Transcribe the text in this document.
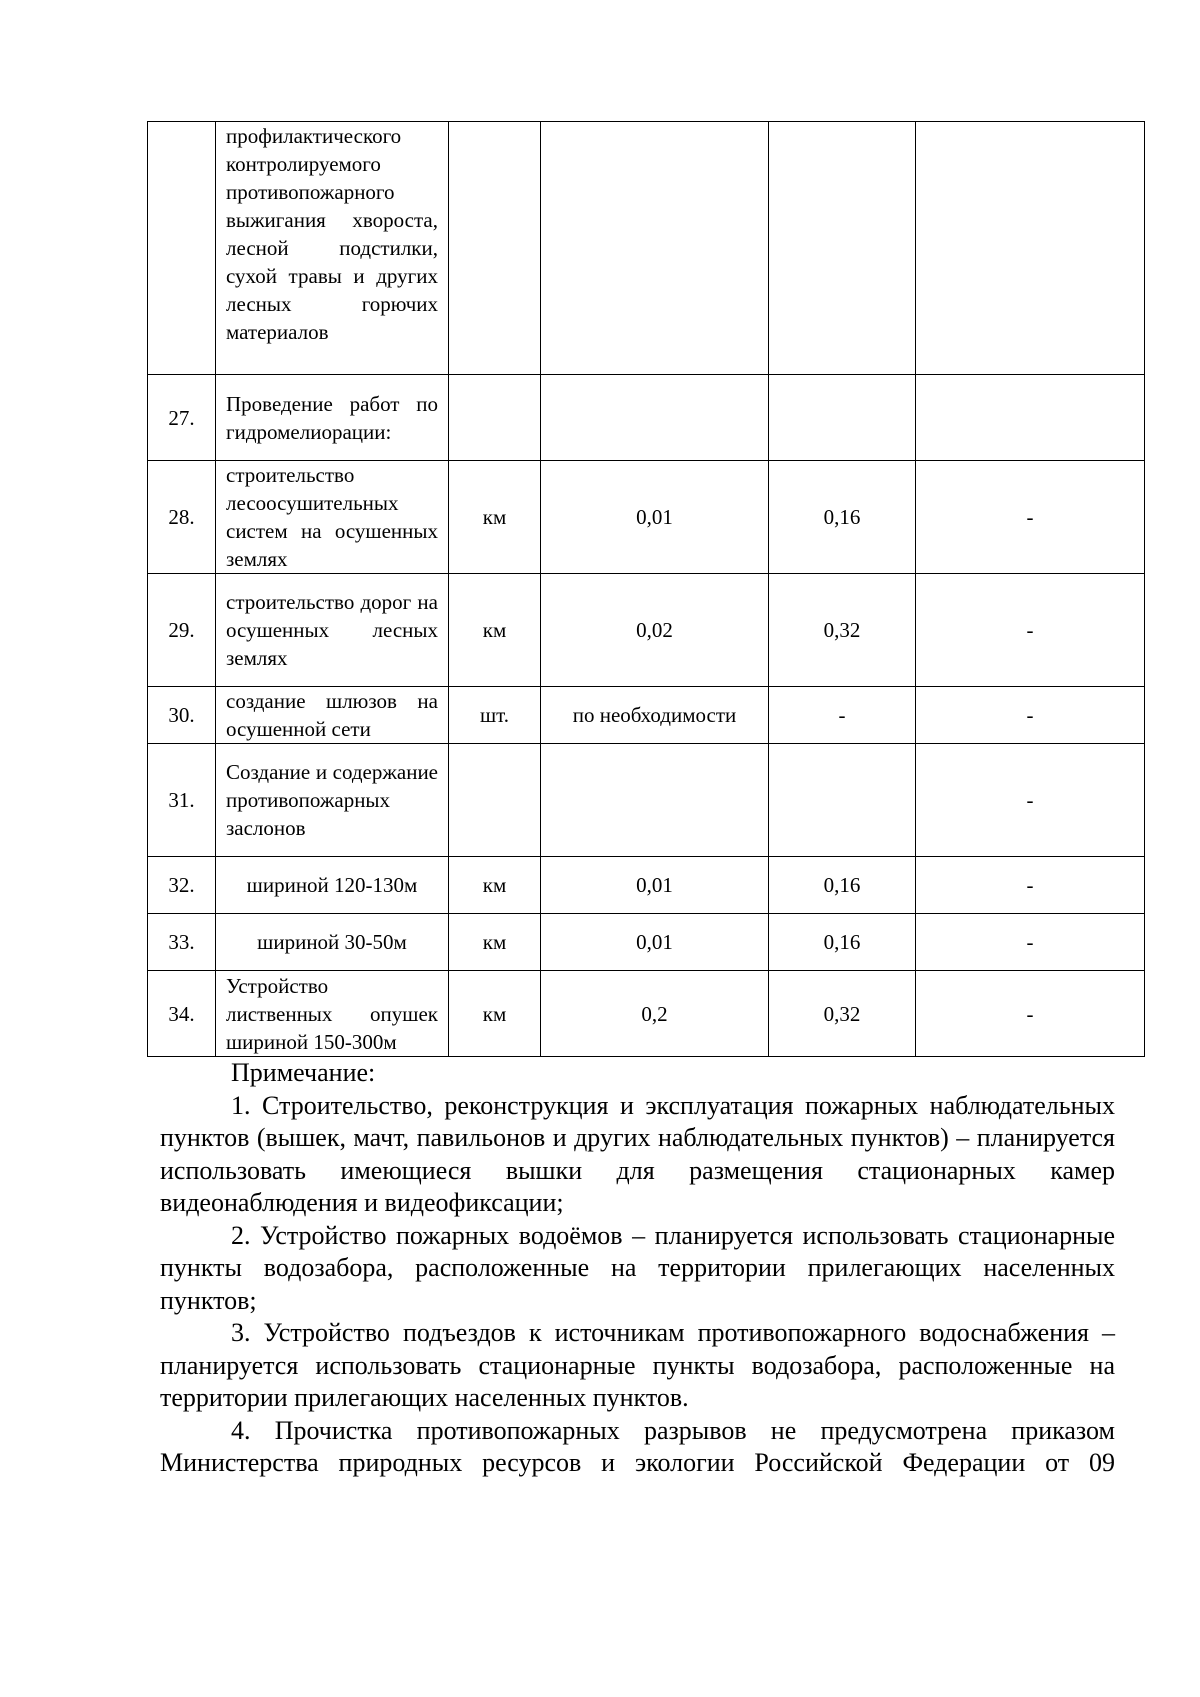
	профилактического контролируемого противопожарного выжигания хвороста, лесной подстилки, сухой травы и других лесных горючих материалов				
27.	Проведение работ по гидромелиорации:				
28.	строительство лесоосушительных систем на осушенных землях	км	0,01	0,16	-
29.	строительство дорог на осушенных лесных землях	км	0,02	0,32	-
30.	создание шлюзов на осушенной сети	шт.	по необходимости	-	-
31.	Создание и содержание противопожарных заслонов				-
32.	шириной 120-130м	км	0,01	0,16	-
33.	шириной 30-50м	км	0,01	0,16	-
34.	Устройство лиственных опушек шириной 150-300м	км	0,2	0,32	-

Примечание:

1. Строительство, реконструкция и эксплуатация пожарных наблюдательных пунктов (вышек, мачт, павильонов и других наблюдательных пунктов) – планируется использовать имеющиеся вышки для размещения стационарных камер видеонаблюдения и видеофиксации;

2. Устройство пожарных водоёмов – планируется использовать стационарные пункты водозабора, расположенные на территории прилегающих населенных пунктов;

3. Устройство подъездов к источникам противопожарного водоснабжения – планируется использовать стационарные пункты водозабора, расположенные на территории прилегающих населенных пунктов.

4. Прочистка противопожарных разрывов не предусмотрена приказом Министерства природных ресурсов и экологии Российской Федерации от 09
